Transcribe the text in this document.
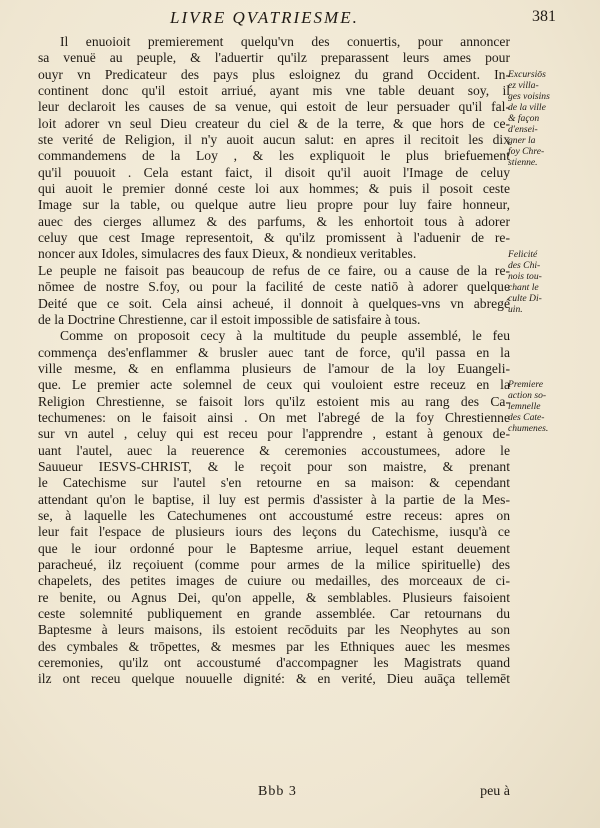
LIVRE QVATRIESME.	381
Il enuoioit premierement quelqu'vn des conuertis, pour annoncer
sa venuë au peuple, & l'aduertir qu'ilz preparassent leurs ames pour
ouyr vn Predicateur des pays plus esloignez du grand Occident. In-
continent donc qu'il estoit arriué, ayant mis vne table deuant soy, il
leur declaroit les causes de sa venue, qui estoit de leur persuader qu'il fal-
loit adorer vn seul Dieu createur du ciel & de la terre, & que hors de ce-
ste verité de Religion, il n'y auoit aucun salut: en apres il recitoit les dix
commandemens de la Loy , & les expliquoit le plus briefuement
qu'il pouuoit . Cela estant faict, il disoit qu'il auoit l'Image de celuy
qui auoit le premier donné ceste loi aux hommes; & puis il posoit ceste
Image sur la table, ou quelque autre lieu propre pour luy faire honneur,
auec des cierges allumez & des parfums, & les enhortoit tous à adorer
celuy que cest Image representoit, & qu'ilz promissent à l'aduenir de re-
noncer aux Idoles, simulacres des faux Dieux, & nondieux veritables.
Le peuple ne faisoit pas beaucoup de refus de ce faire, ou a cause de la re-
nōmee de nostre S.foy, ou pour la facilité de ceste natiō à adorer quelque
Deité que ce soit. Cela ainsi acheué, il donnoit à quelques-vns vn abregé
de la Doctrine Chrestienne, car il estoit impossible de satisfaire à tous.
Comme on proposoit cecy à la multitude du peuple assemblé, le feu
commença des'enflammer & brusler auec tant de force, qu'il passa en la
ville mesme, & en enflamma plusieurs de l'amour de la loy Euangeli-
que. Le premier acte solemnel de ceux qui vouloient estre receuz en la
Religion Chrestienne, se faisoit lors qu'ilz estoient mis au rang des Ca-
techumenes: on le faisoit ainsi . On met l'abregé de la foy Chrestienne
sur vn autel , celuy qui est receu pour l'apprendre , estant à genoux de-
uant l'autel, auec la reuerence & ceremonies accoustumees, adore le
Sauueur IESVS-CHRIST, & le reçoit pour son maistre, & prenant
le Catechisme sur l'autel s'en retourne en sa maison: & cependant
attendant qu'on le baptise, il luy est permis d'assister à la partie de la Mes-
se, à laquelle les Catechumenes ont accoustumé estre receus: apres on
leur fait l'espace de plusieurs iours des leçons du Catechisme, iusqu'à ce
que le iour ordonné pour le Baptesme arriue, lequel estant deuement
paracheué, ilz reçoiuent (comme pour armes de la milice spirituelle) des
chapelets, des petites images de cuiure ou medailles, des morceaux de ci-
re benite, ou Agnus Dei, qu'on appelle, & semblables. Plusieurs faisoient
ceste solemnité publiquement en grande assemblée. Car retournans du
Baptesme à leurs maisons, ils estoient recōduits par les Neophytes au son
des cymbales & trōpettes, & mesmes par les Ethniques auec les mesmes
ceremonies, qu'ilz ont accoustumé d'accompagner les Magistrats quand
ilz ont receu quelque nouuelle dignité: & en verité, Dieu auāça tellemēt
Excursiōs
ez villa-
ges voisins
de la ville
& façon
d'ensei-
gner la
foy Chre-
stienne.
Felicité
des Chi-
nois tou-
chant le
culte Di-
uin.
Premiere
action so-
lemnelle
des Cate-
chumenes.
Bbb 3	peu à
